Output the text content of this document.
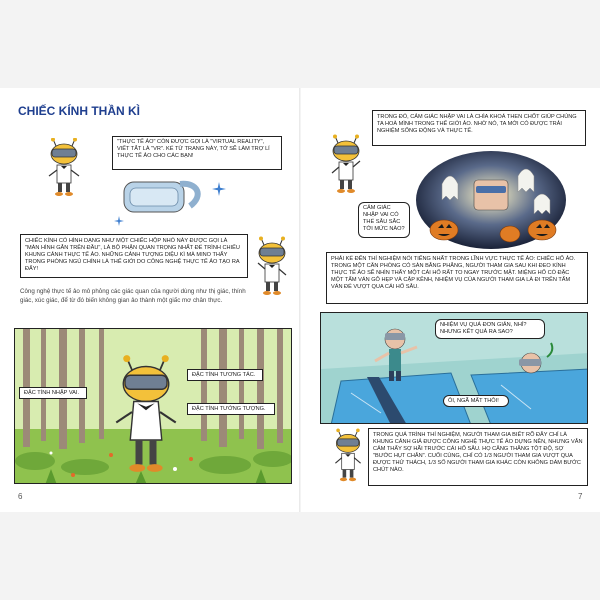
CHIẾC KÍNH THẦN KÌ
"THỰC TẾ ẢO" CÒN ĐƯỢC GỌI LÀ "VIRTUAL REALITY", VIẾT TẮT LÀ "VR". KỂ TỪ TRANG NÀY, TỚ SẼ LÀM TRỢ LÍ THỰC TẾ ẢO CHO CÁC BẠN!
CHIẾC KÍNH CÓ HÌNH DẠNG NHƯ MỘT CHIẾC HỘP NHỎ NÀY ĐƯỢC GỌI LÀ "MÀN HÌNH GẮN TRÊN ĐẦU", LÀ BỘ PHẬN QUAN TRỌNG NHẤT ĐỂ TRÌNH CHIẾU KHUNG CẢNH THỰC TẾ ẢO. NHỮNG CẢNH TƯỢNG DIỆU KÌ MÀ MINO THẤY TRONG PHÒNG NGỦ CHÍNH LÀ THẾ GIỚI DO CÔNG NGHỆ THỰC TẾ ẢO TẠO RA ĐẤY!
Công nghệ thực tế ảo mô phỏng các giác quan của người dùng như thị giác, thính giác, xúc giác, để từ đó biến không gian ảo thành một giấc mơ chân thực.
ĐẶC TÍNH TƯƠNG TÁC.
ĐẶC TÍNH NHẬP VAI.
ĐẶC TÍNH TƯỞNG TƯỢNG.
6
TRONG ĐÓ, CẢM GIÁC NHẬP VAI LÀ CHÌA KHOÁ THEN CHỐT GIÚP CHÚNG TA HOÀ MÌNH TRONG THẾ GIỚI ẢO. NHỜ NÓ, TA MỚI CÓ ĐƯỢC TRẢI NGHIỆM SỐNG ĐỘNG VÀ THỰC TẾ.
CẢM GIÁC NHẬP VAI CÓ THỂ SÂU SẮC TỚI MỨC NÀO?
PHẢI KỂ ĐẾN THÍ NGHIỆM NỔI TIẾNG NHẤT TRONG LĨNH VỰC THỰC TẾ ẢO: CHIẾC HỐ ẢO. TRONG MỘT CĂN PHÒNG CÓ SÀN BẰNG PHẲNG, NGƯỜI THAM GIA SAU KHI ĐEO KÍNH THỰC TẾ ẢO SẼ NHÌN THẤY MỘT CÁI HỐ RẤT TO NGAY TRƯỚC MẶT. MIỆNG HỐ CÓ ĐẶC MỘT TẤM VÁN GỖ HẸP VÀ CẬP KÊNH, NHIỆM VỤ CỦA NGƯỜI THAM GIA LÀ ĐI TRÊN TẤM VÁN ĐỂ VƯỢT QUA CÁI HỐ SÂU.
NHIỆM VỤ QUÁ ĐƠN GIẢN, NHỈ? NHƯNG KẾT QUẢ RA SAO?
ÔI, NGÃ MẤT THÔI!
TRONG QUÁ TRÌNH THÍ NGHIỆM, NGƯỜI THAM GIA BIẾT RÕ ĐÂY CHỈ LÀ KHUNG CẢNH GIẢ ĐƯỢC CÔNG NGHỆ THỰC TẾ ẢO DỰNG NÊN, NHƯNG VẪN CẢM THẤY SỢ HÃI TRƯỚC CÁI HỐ SÂU. HỌ CĂNG THẲNG TỘT ĐỘ, SỢ "BƯỚC HỤT CHÂN". CUỐI CÙNG, CHỈ CÓ 1/3 NGƯỜI THAM GIA VƯỢT QUA ĐƯỢC THỬ THÁCH, 1/3 SỐ NGƯỜI THAM GIA KHÁC CÒN KHÔNG DÁM BƯỚC CHÚT NÀO.
7
